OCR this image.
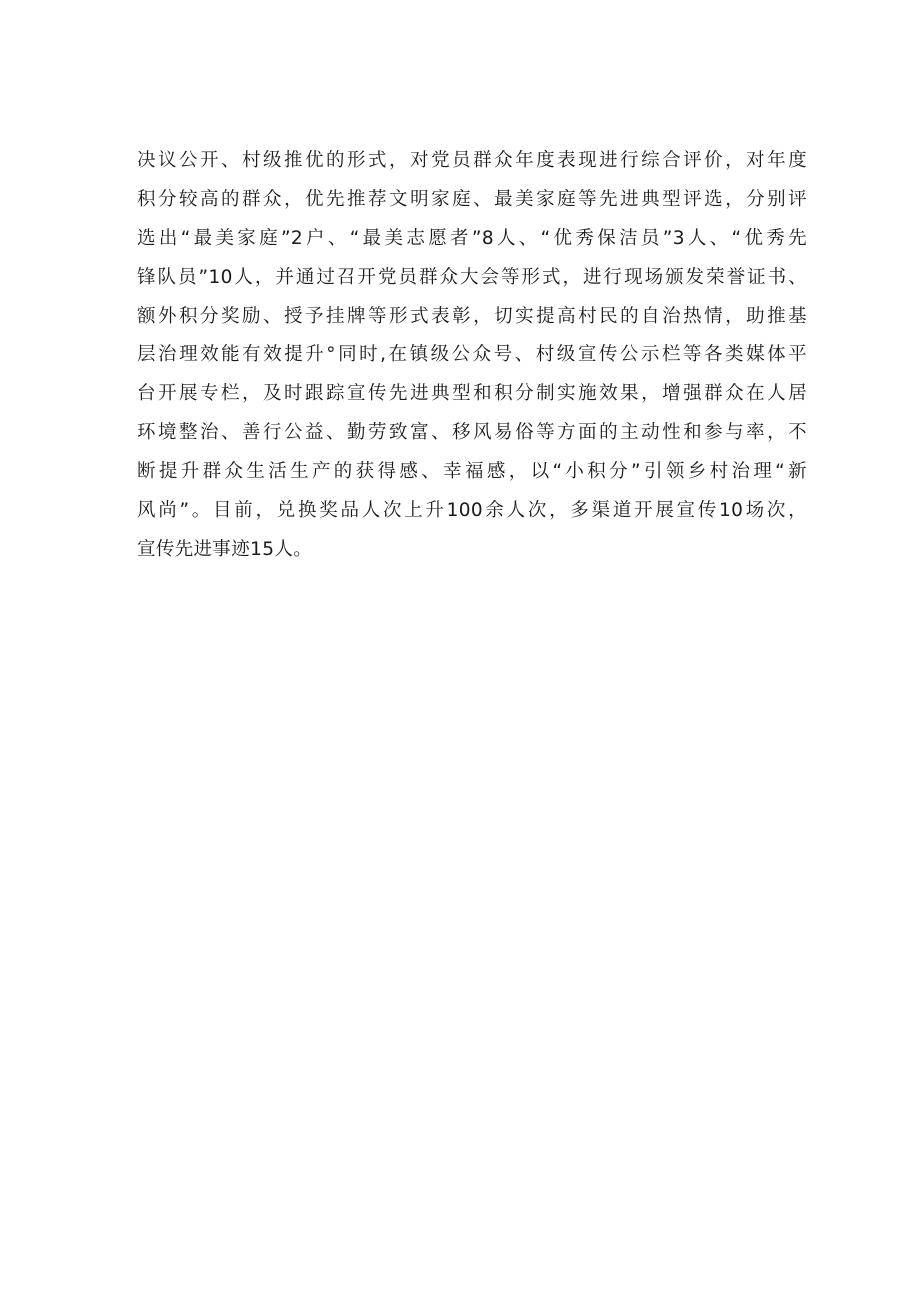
决议公开、村级推优的形式，对党员群众年度表现进行综合评价，对年度
积分较高的群众，优先推荐文明家庭、最美家庭等先进典型评选，分别评
选出“最美家庭”2户、“最美志愿者”8人、“优秀保洁员”3人、“优秀先
锋队员”10人，并通过召开党员群众大会等形式，进行现场颁发荣誉证书、
额外积分奖励、授予挂牌等形式表彰，切实提高村民的自治热情，助推基
层治理效能有效提升°同时,在镇级公众号、村级宣传公示栏等各类媒体平
台开展专栏，及时跟踪宣传先进典型和积分制实施效果，增强群众在人居
环境整治、善行公益、勤劳致富、移风易俗等方面的主动性和参与率，不
断提升群众生活生产的获得感、幸福感，以“小积分”引领乡村治理“新
风尚”。目前，兑换奖品人次上升100余人次，多渠道开展宣传10场次，
宣传先进事迹15人。
